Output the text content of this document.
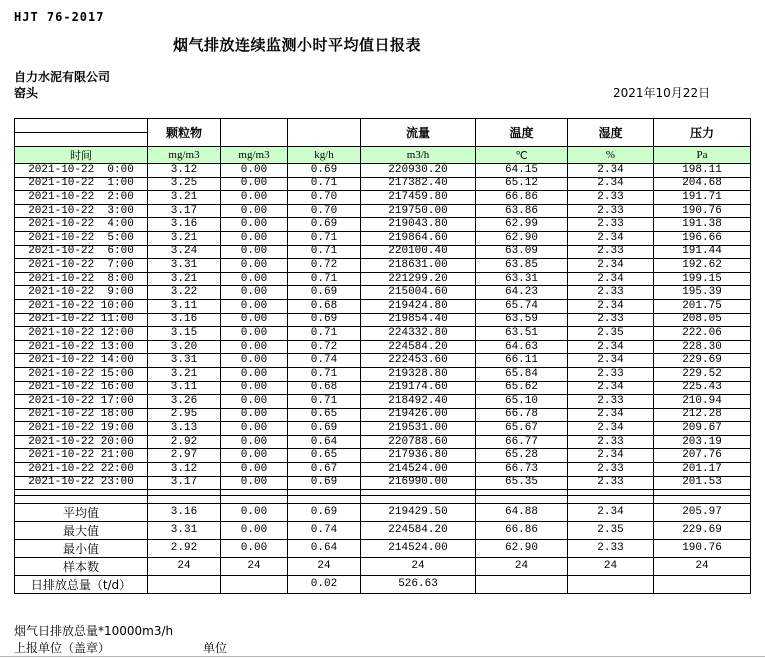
HJT 76-2017
烟气排放连续监测小时平均值日报表
自力水泥有限公司
窑头	2021年10月22日
	颗粒物			流量	温度	湿度	压力

时间	mg/m3	mg/m3	kg/h	m3/h	℃	%	Pa
2021-10-22  0:00	3.12	0.00	0.69	220930.20	64.15	2.34	198.11
2021-10-22  1:00	3.25	0.00	0.71	217382.40	65.12	2.34	204.68
2021-10-22  2:00	3.21	0.00	0.70	217459.80	66.86	2.33	191.71
2021-10-22  3:00	3.17	0.00	0.70	219750.00	63.86	2.33	190.76
2021-10-22  4:00	3.16	0.00	0.69	219043.80	62.99	2.33	191.38
2021-10-22  5:00	3.21	0.00	0.71	219864.60	62.90	2.34	196.66
2021-10-22  6:00	3.24	0.00	0.71	220100.40	63.09	2.33	191.44
2021-10-22  7:00	3.31	0.00	0.72	218631.00	63.85	2.34	192.62
2021-10-22  8:00	3.21	0.00	0.71	221299.20	63.31	2.34	199.15
2021-10-22  9:00	3.22	0.00	0.69	215004.60	64.23	2.33	195.39
2021-10-22 10:00	3.11	0.00	0.68	219424.80	65.74	2.34	201.75
2021-10-22 11:00	3.16	0.00	0.69	219854.40	63.59	2.33	208.05
2021-10-22 12:00	3.15	0.00	0.71	224332.80	63.51	2.35	222.06
2021-10-22 13:00	3.20	0.00	0.72	224584.20	64.63	2.34	228.30
2021-10-22 14:00	3.31	0.00	0.74	222453.60	66.11	2.34	229.69
2021-10-22 15:00	3.21	0.00	0.71	219328.80	65.84	2.33	229.52
2021-10-22 16:00	3.11	0.00	0.68	219174.60	65.62	2.34	225.43
2021-10-22 17:00	3.26	0.00	0.71	218492.40	65.10	2.33	210.94
2021-10-22 18:00	2.95	0.00	0.65	219426.00	66.78	2.34	212.28
2021-10-22 19:00	3.13	0.00	0.69	219531.00	65.67	2.34	209.67
2021-10-22 20:00	2.92	0.00	0.64	220788.60	66.77	2.33	203.19
2021-10-22 21:00	2.97	0.00	0.65	217936.80	65.28	2.34	207.76
2021-10-22 22:00	3.12	0.00	0.67	214524.00	66.73	2.33	201.17
2021-10-22 23:00	3.17	0.00	0.69	216990.00	65.35	2.33	201.53

平均值	3.16	0.00	0.69	219429.50	64.88	2.34	205.97
最大值	3.31	0.00	0.74	224584.20	66.86	2.35	229.69
最小值	2.92	0.00	0.64	214524.00	62.90	2.33	190.76
样本数	24	24	24	24	24	24	24
日排放总量（t/d）			0.02	526.63			
烟气日排放总量*10000m3/h
上报单位（盖章）	单位
